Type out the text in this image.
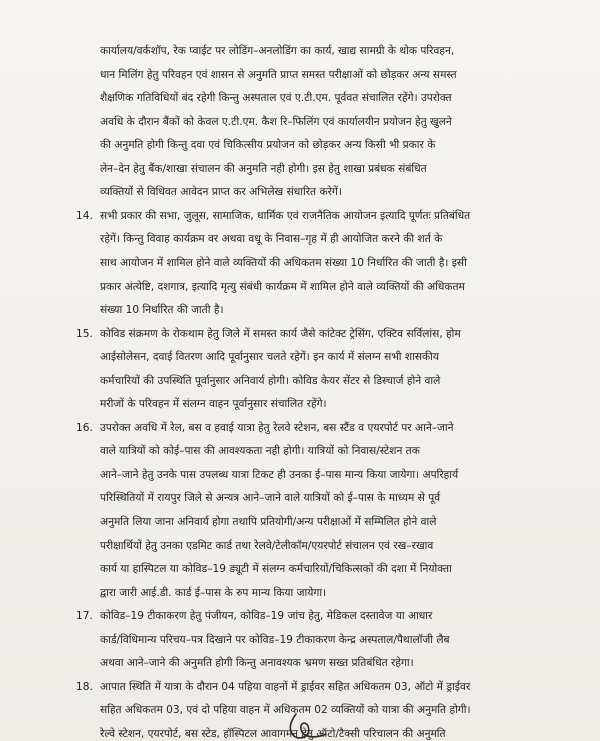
कार्यालय/वर्कशॉप, रेक प्वाईट पर लोडिंग–अनलोडिंग का कार्य, खाद्य सामग्री के थोक परिवहन,
धान मिलिंग हेतु परिवहन एवं शासन से अनुमति प्राप्त समस्त परीक्षाओं को छोड़कर अन्य समस्त
शैक्षणिक गतिविधियों बंद रहेगी किन्तु अस्पताल एवं ए.टी.एम. पूर्ववत संचालित रहेंगे। उपरोक्त
अवधि के दौरान बैंकों को केवल ए.टी.एम. कैश रि–फिलिंग एवं कार्यालयीन प्रयोजन हेतु खुलने
की अनुमति होगी किन्तु दवा एवं चिकित्सीय प्रयोजन को छोड़कर अन्य किसी भी प्रकार के
लेन–देन हेतु बैंक/शाखा संचालन की अनुमति नही होगी। इस हेतु शाखा प्रबंधक संबंधित
व्यक्तियों से विधिवत आवेदन प्राप्त कर अभिलेख संधारित करेगें।
14. सभी प्रकार की सभा, जुलूस, सामाजिक, धार्मिक एवं राजनैतिक आयोजन इत्यादि पूर्णतः प्रतिबंधित
रहेगें। किन्तु विवाह कार्यक्रम वर अथवा वधू के निवास–गृह में ही आयोजित करने की शर्त के
साथ आयोजन में शामिल होने वाले व्यक्तियों की अधिकतम संख्या 10 निर्धारित की जाती है। इसी
प्रकार अंत्येष्टि, दशगात्र, इत्यादि मृत्यु संबंधी कार्यक्रम में शामिल होने वाले व्यक्तियों की अधिकतम
संख्या 10 निर्धारित की जाती है।
15. कोविड संक्रमण के रोकथाम हेतु जिले में समस्त कार्य जैसे कांटेक्ट ट्रेसिंग, एक्टिव सर्विलांस, होम
आईसोलेसन, दवाई वितरण आदि पूर्वानुसार चलते रहेगें। इन कार्य में संलग्न सभी शासकीय
कर्मचारियों की उपस्थिति पूर्वानुसार अनिवार्य होगी। कोविड केयर सेंटर से डिस्चार्ज होने वाले
मरीजों के परिवहन में संलग्न वाहन पूर्वानुसार संचालित रहेंगे।
16. उपरोक्त अवधि में रेल, बस व हवाई यात्रा हेतु रेलवे स्टेशन, बस स्टैंड व एयरपोर्ट पर आने–जाने
वाले यात्रियों को कोई–पास की आवश्यकता नही होगी। यात्रियों को निवास/स्टेशन तक
आने–जाने हेतु उनके पास उपलब्ध यात्रा टिकट ही उनका ई–पास मान्य किया जायेगा। अपरिहार्य
परिस्थितियों में रायपुर जिले से अन्यत्र आने–जाने वाले यात्रियों को ई–पास के माध्यम से पूर्व
अनुमति लिया जाना अनिवार्य होगा तथापि प्रतियोगी/अन्य परीक्षाओं में सम्मिलित होने वाले
परीक्षार्थियों हेतु उनका एडमिट कार्ड तथा रेलवे/टेलीकॉम/एयरपोर्ट संचालन एवं रख–रखाव
कार्य या हास्पिटल या कोविड–19 ड्यूटी में संलग्न कर्मचारियों/चिकित्सकों की दशा में नियोक्ता
द्वारा जारी आई.डी. कार्ड ई–पास के रुप मान्य किया जायेगा।
17. कोविड–19 टीकाकरण हेतु पंजीयन, कोविड–19 जांच हेतु, मेडिकल दस्तावेज या आधार
कार्ड/विधिमान्य परिचय–पत्र दिखाने पर कोविड–19 टीकाकरण केन्द्र अस्पताल/पैथालॉजी लैब
अथवा आने–जाने की अनुमति होगी किन्तु अनावश्यक भ्रमण सख्त प्रतिबंधित रहेगा।
18. आपात स्थिति में यात्रा के दौरान 04 पहिया वाहनों में ड्राईवर सहित अधिकतम 03, ऑटो में ड्राईवर
सहित अधिकतम 03, एवं दो पहिया वाहन में अधिकतम 02 व्यक्तियों को यात्रा की अनुमति होगी।
रेल्वे स्टेशन, एयरपोर्ट, बस स्टेड, हॉस्पिटल आवागमन हेतु ऑटो/टैक्सी परिचालन की अनुमति
